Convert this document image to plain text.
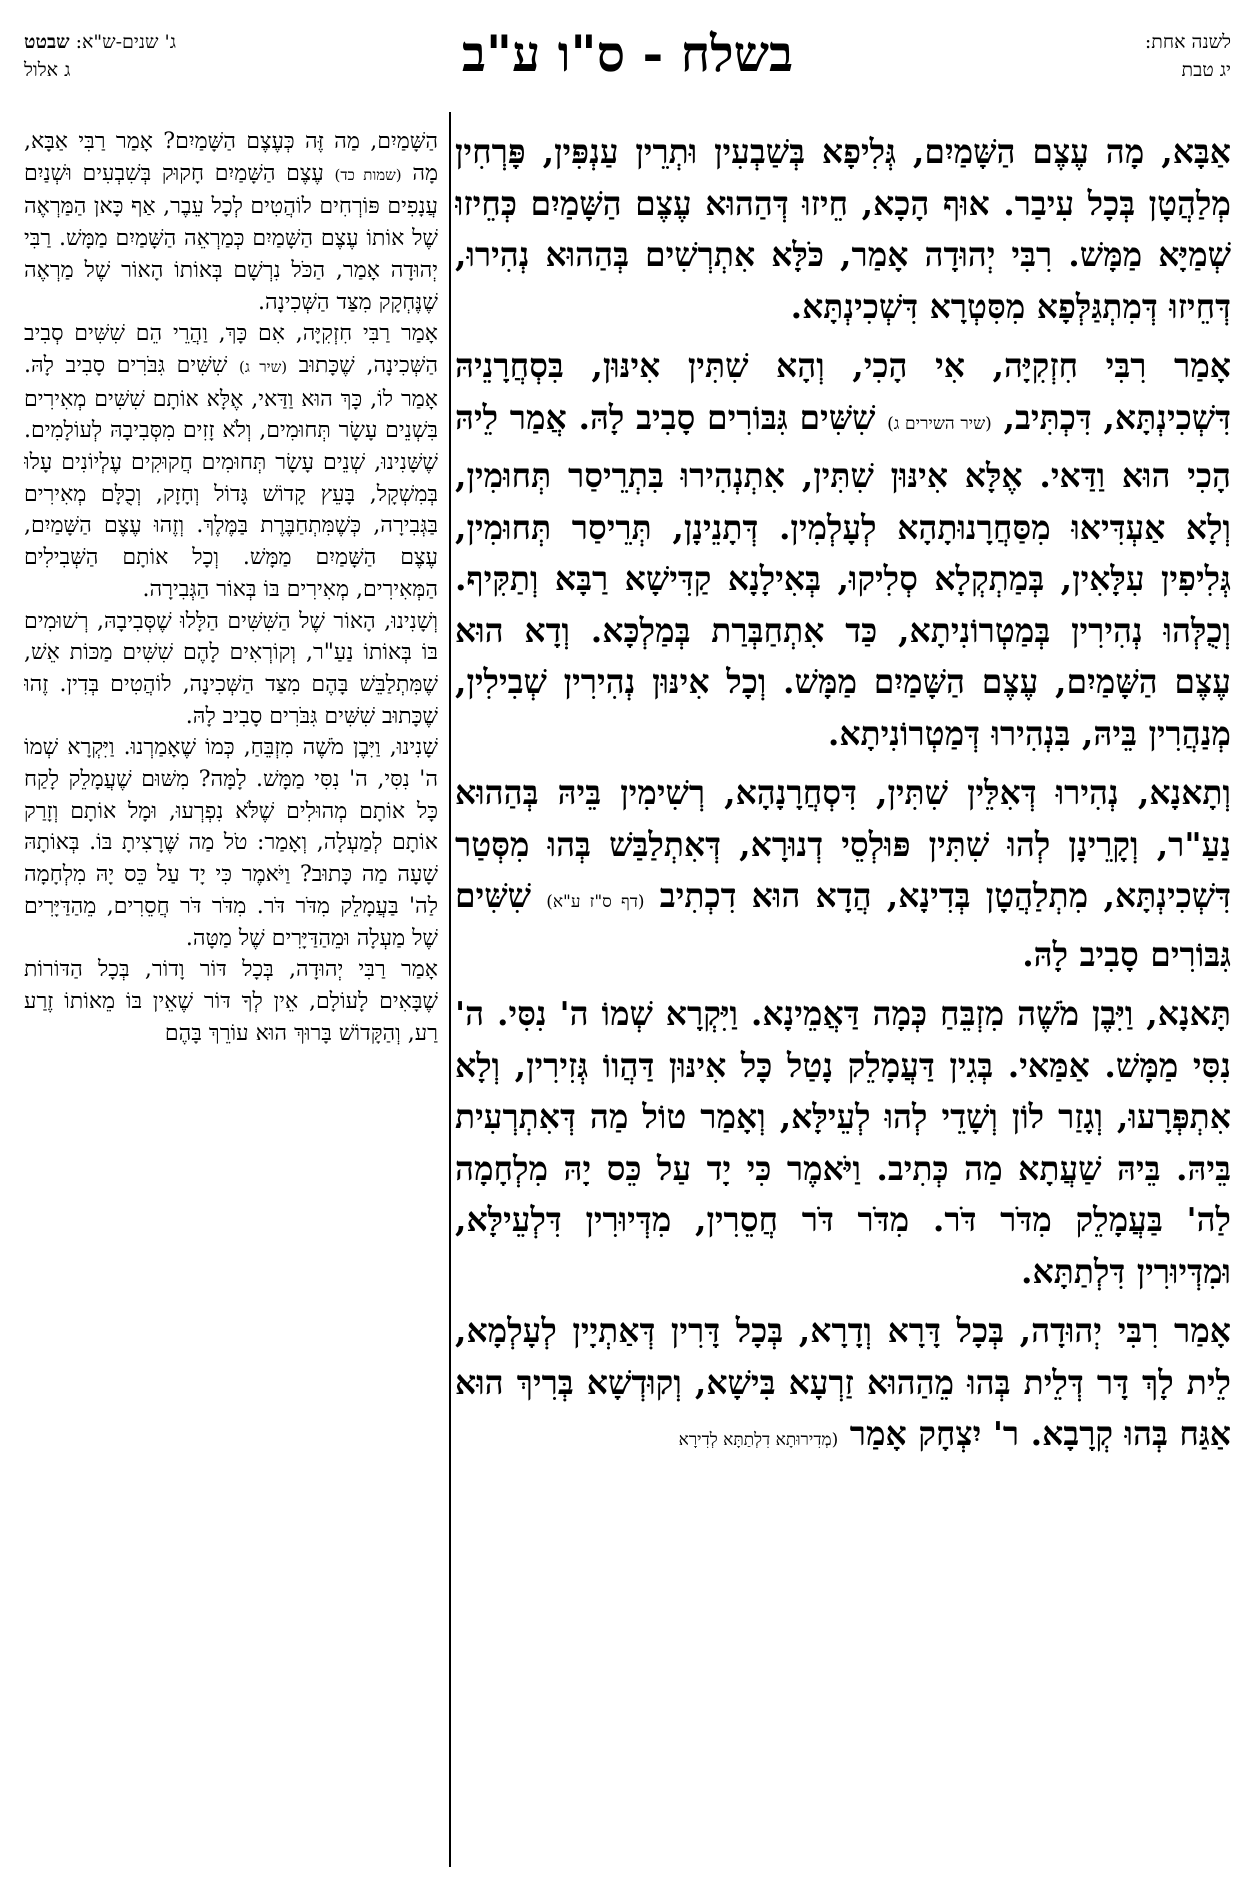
לשנה אחת:
יג טבת
בשלח - ס"ו ע"ב
ג' שנים-ש"א: שבטט
ג אלול

אַבָּא, מָה עֶצֶם הַשָּׁמַיִם, גְּלִיפָא בְּשַׁבְעִין וּתְרֵין עַנְפִּין, פָּרְחִין מְלַהֲטָן בְּכָל עִיבַר. אוּף הָכָא, חֵיזוּ דְּהַהוּא עֶצֶם הַשָּׁמַיִם כְּחֵיזוּ שְׁמַיָּא מַמָּשׁ. רִבִּי יְהוּדָה אָמַר, כֹּלָּא אִתְרְשִׁים בְּהַהוּא נְהִירוּ, דְּחֵיזוּ דְּמִתְגַּלְּפָא מִסִּטְרָא דִּשְׁכִינְתָּא.

אָמַר רִבִּי חִזְקִיָּה, אִי הָכִי, וְהָא שִׁתִּין אִינּוּן, בִּסְחֲרָנֵיהּ דִּשְׁכִינְתָּא, דִּכְתִּיב, (שיר השירים ג) שִׁשִּׁים גִּבּוֹרִים סָבִיב לָהּ. אֲמַר לֵיהּ הָכִי הוּא וַדַּאי. אֶלָּא אִינּוּן שִׁתִּין, אִתְנְהִירוּ בִּתְרֵיסַר תְּחוּמִין, וְלָא אַעְדִּיאוּ מִסַּחֲרָנוּתָהָא לְעָלְמִין. דְּתָנֵינָן, תְּרֵיסַר תְּחוּמִין, גְּלִיפִין עִלָּאִין, בְּמַתְקְלָא סְלִיקוּ, בְּאִילָנָא קַדִּישָׁא רַבָּא וְתַקִּיף. וְכֻלְּהוּ נְהִירִין בְּמַטְרוֹנִיתָא, כַּד אִתְחַבְּרַת בְּמַלְכָּא. וְדָא הוּא עֶצֶם הַשָּׁמַיִם, עֶצֶם הַשָּׁמַיִם מַמָּשׁ. וְכָל אִינּוּן נְהִירִין שְׁבִילִין, מְנַהֲרִין בֵּיהּ, בִּנְהִירוּ דְּמַטְרוֹנִיתָא.

וְתָאנָא, נְהִירוּ דְּאִלֵּין שִׁתִּין, דִּסְחֲרָנָהָא, רְשִׁימִין בֵּיהּ בְּהַהוּא נַעַ"ר, וְקָרֵינָן לְהוּ שִׁתִּין פּוּלְסֵי דְנוּרָא, דְּאִתְלַבַּשׁ בְּהוּ מִסְּטַר דִּשְׁכִינְתָּא, מִתְלַהֲטָן בְּדִינָא, הֲדָא הוּא דִכְתִיב (דף ס"ז ע"א) שִׁשִּׁים גִּבּוֹרִים סָבִיב לָהּ.

תָּאנָא, וַיִּבֶן מֹשֶׁה מִזְבֵּחַ כְּמָה דַּאֲמֵינָא. וַיִּקְרָא שְׁמוֹ ה' נִסִּי. ה' נִסִּי מַמָּשׁ. אַמַּאי. בְּגִין דַּעֲמָלֵק נָטַל כָּל אִינּוּן דַּהֲווֹ גְּזִירִין, וְלָא אִתְפְּרָעוּ, וְגָזַר לוֹן וְשָׁדֵי לְהוּ לְעֵילָּא, וְאָמַר טוֹל מַה דְּאִתְרְעִית בֵּיהּ. בֵּיהּ שַׁעֲתָא מַה כְּתִיב. וַיֹּאמֶר כִּי יָד עַל כֵּס יָהּ מִלְחָמָה לַה' בַּעֲמָלֵק מִדֹּר דֹּר. מִדֹּר דֹּר חֲסֵרִין, מִדְּיוּרִין דִּלְעֵילָּא, וּמִדְּיוּרִין דִּלְתַתָּא.

אָמַר רִבִּי יְהוּדָה, בְּכָל דָּרָא וְדָרָא, בְּכָל דָּרִין דְּאַתְיָין לְעָלְמָא, לֵית לָךְ דָּר דְּלֵית בְּהוּ מֵהַהוּא זַרְעָא בִּישָׁא, וְקוּדְשָׁא בְּרִיךְ הוּא אַגַּח בְּהוּ קְרָבָא. ר' יִצְחָק אָמַר (מְדִירוּתָא דִלְתַתָּא לְדִירָא

הַשָּׁמַיִם, מַה זֶּה כְּעֶצֶם הַשָּׁמַיִם? אָמַר רַבִּי אַבָּא, מָה (שמות כד) עֶצֶם הַשָּׁמַיִם חָקוּק בְּשִׁבְעִים וּשְׁנַיִם עֲנָפִים פּוֹרְחִים לוֹהֲטִים לְכָל עֵבֶר, אַף כָּאן הַמַּרְאֶה שֶׁל אוֹתוֹ עֶצֶם הַשָּׁמַיִם כְּמַרְאֵה הַשָּׁמַיִם מַמָּשׁ. רַבִּי יְהוּדָה אָמַר, הַכֹּל נִרְשָׁם בְּאוֹתוֹ הָאוֹר שֶׁל מַרְאֶה שֶׁנֶּחְקָק מִצַּד הַשְּׁכִינָה.

אָמַר רַבִּי חִזְקִיָּה, אִם כָּךְ, וַהֲרֵי הֵם שִׁשִּׁים סְבִיב הַשְּׁכִינָה, שֶׁכָּתוּב (שיר ג) שִׁשִּׁים גִּבֹּרִים סָבִיב לָהּ. אָמַר לוֹ, כָּךְ הוּא וַדַּאי, אֶלָּא אוֹתָם שִׁשִּׁים מְאִירִים בִּשְׁנֵים עָשָׂר תְּחוּמִים, וְלֹא זָזִים מִסְּבִיבָהּ לְעוֹלָמִים. שֶׁשָּׁנִינוּ, שְׁנֵים עָשָׂר תְּחוּמִים חֲקוּקִים עֶלְיוֹנִים עָלוּ בְּמִשְׁקָל, בָּעֵץ קָדוֹשׁ גָּדוֹל וְחָזָק, וְכֻלָּם מְאִירִים בַּגְּבִירָה, כְּשֶׁמִּתְחַבֶּרֶת בַּמֶּלֶךְ. וְזֶהוּ עֶצֶם הַשָּׁמַיִם, עֶצֶם הַשָּׁמַיִם מַמָּשׁ. וְכָל אוֹתָם הַשְּׁבִילִים הַמְּאִירִים, מְאִירִים בּוֹ בְּאוֹר הַגְּבִירָה.

וְשָׁנִינוּ, הָאוֹר שֶׁל הַשִּׁשִּׁים הַלָּלוּ שֶׁסְּבִיבָהּ, רְשׁוּמִים בּוֹ בְּאוֹתוֹ נַעַ"ר, וְקוֹרְאִים לָהֶם שִׁשִּׁים מַכּוֹת אֵשׁ, שֶׁמִּתְלַבֵּשׁ בָּהֶם מִצַּד הַשְּׁכִינָה, לוֹהֲטִים בְּדִין. זֶהוּ שֶׁכָּתוּב שִׁשִּׁים גִּבֹּרִים סָבִיב לָהּ.

שָׁנִינוּ, וַיִּבֶן מֹשֶׁה מִזְבֵּחַ, כְּמוֹ שֶׁאָמַרְנוּ. וַיִּקְרָא שְׁמוֹ ה' נִסִּי, ה' נִסִּי מַמָּשׁ. לָמָּה? מִשּׁוּם שֶׁעֲמָלֵק לָקַח כָּל אוֹתָם מְהוּלִים שֶׁלֹּא נִפְרְעוּ, וּמָל אוֹתָם וְזָרַק אוֹתָם לְמַעְלָה, וְאָמַר: טֹל מַה שֶּׁרָצִיתָ בּוֹ. בְּאוֹתָהּ שָׁעָה מַה כָּתוּב? וַיֹּאמֶר כִּי יָד עַל כֵּס יָהּ מִלְחָמָה לַה' בַּעֲמָלֵק מִדֹּר דֹּר. מִדֹּר דֹּר חֲסֵרִים, מֵהַדַּיָּרִים שֶׁל מַעְלָה וּמֵהַדַּיָּרִים שֶׁל מַטָּה.

אָמַר רַבִּי יְהוּדָה, בְּכָל דּוֹר וָדוֹר, בְּכָל הַדּוֹרוֹת שֶׁבָּאִים לָעוֹלָם, אֵין לְךָ דּוֹר שֶׁאֵין בּוֹ מֵאוֹתוֹ זֶרַע רַע, וְהַקָּדוֹשׁ בָּרוּךְ הוּא עוֹרֵךְ בָּהֶם
